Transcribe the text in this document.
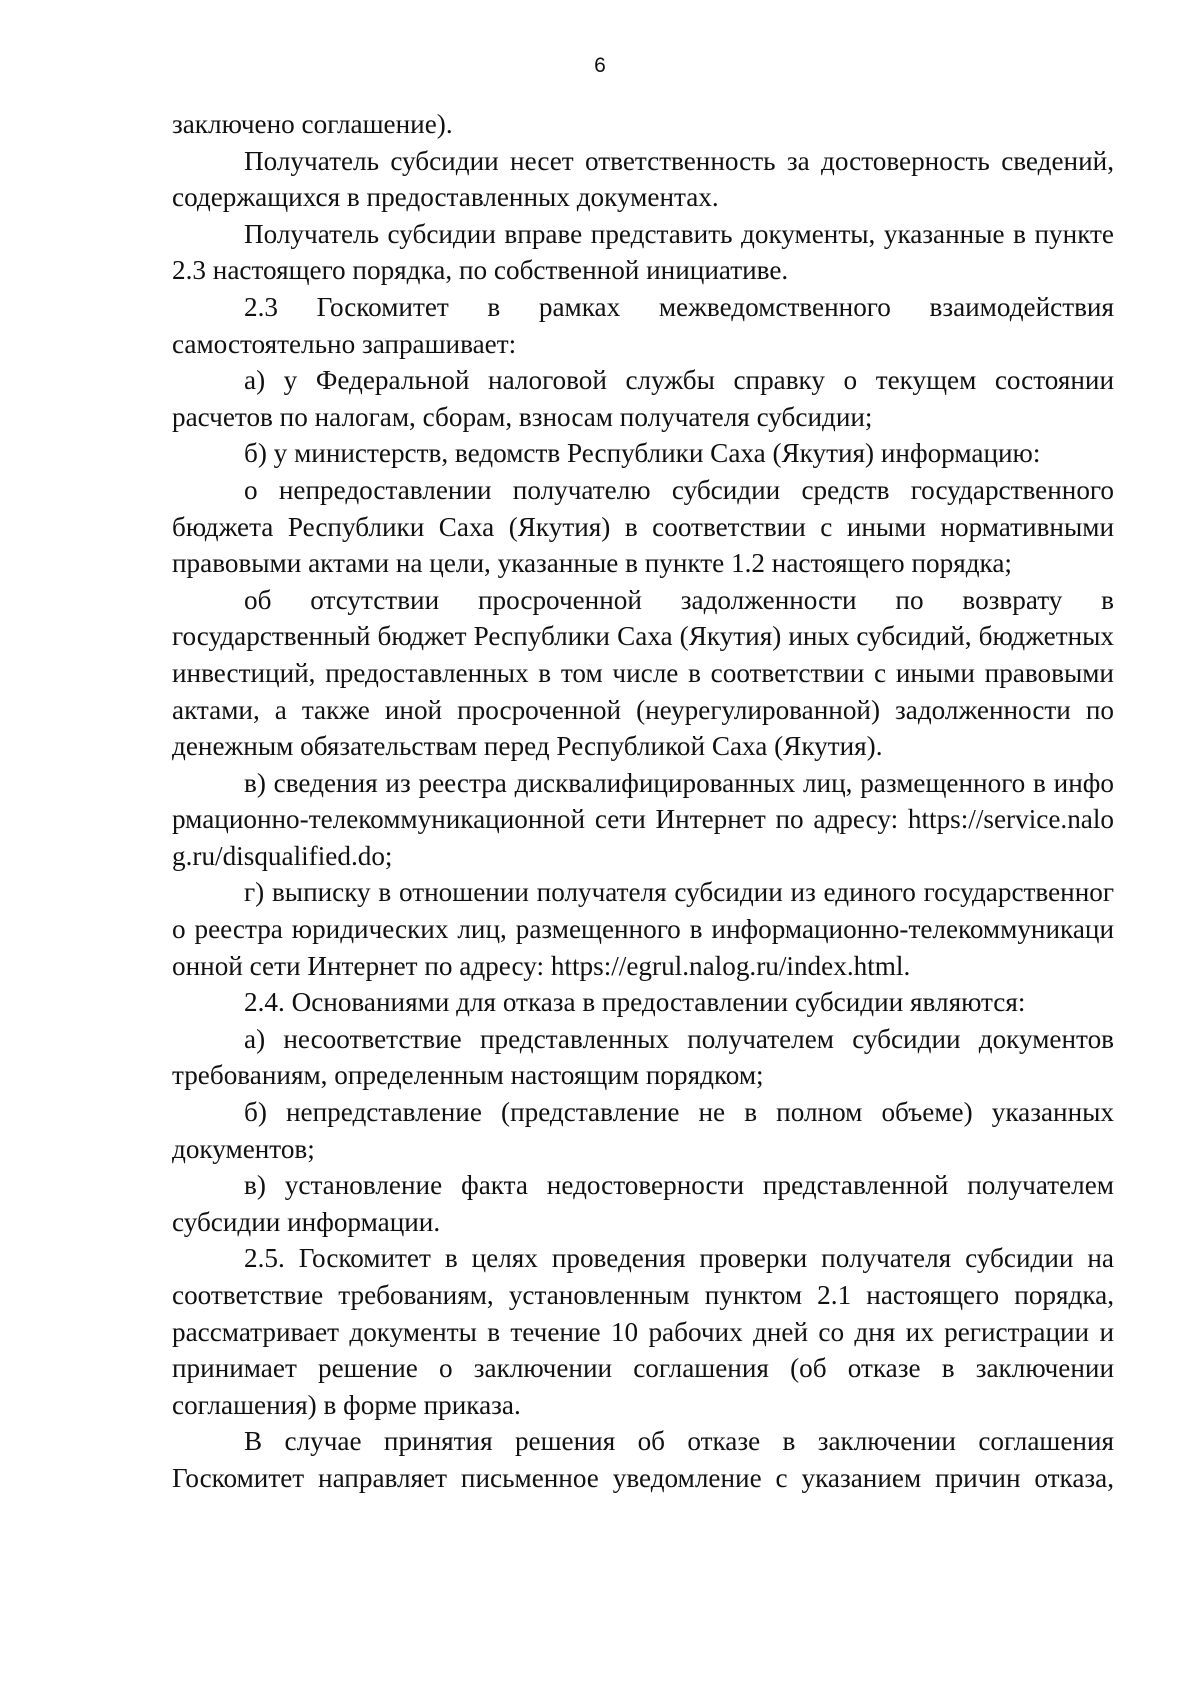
6

заключено соглашение).

Получатель субсидии несет ответственность за достоверность сведений, содержащихся в предоставленных документах.

Получатель субсидии вправе представить документы, указанные в пункте 2.3 настоящего порядка, по собственной инициативе.

2.3 Госкомитет в рамках межведомственного взаимодействия самостоятельно запрашивает:

а) у Федеральной налоговой службы справку о текущем состоянии расчетов по налогам, сборам, взносам получателя субсидии;

б) у министерств, ведомств Республики Саха (Якутия) информацию:

о непредоставлении получателю субсидии средств государственного бюджета Республики Саха (Якутия) в соответствии с иными нормативными правовыми актами на цели, указанные в пункте 1.2 настоящего порядка;

об отсутствии просроченной задолженности по возврату в государственный бюджет Республики Саха (Якутия) иных субсидий, бюджетных инвестиций, предоставленных в том числе в соответствии с иными правовыми актами, а также иной просроченной (неурегулированной) задолженности по денежным обязательствам перед Республикой Саха (Якутия).

в) сведения из реестра дисквалифицированных лиц, размещенного в информационно-телекоммуникационной сети Интернет по адресу: https://service.nalog.ru/disqualified.do;

г) выписку в отношении получателя субсидии из единого государственного реестра юридических лиц, размещенного в информационно-телекоммуникационной сети Интернет по адресу: https://egrul.nalog.ru/index.html.

2.4. Основаниями для отказа в предоставлении субсидии являются:

а) несоответствие представленных получателем субсидии документов требованиям, определенным настоящим порядком;

б) непредставление (представление не в полном объеме) указанных документов;

в) установление факта недостоверности представленной получателем субсидии информации.

2.5. Госкомитет в целях проведения проверки получателя субсидии на соответствие требованиям, установленным пунктом 2.1 настоящего порядка, рассматривает документы в течение 10 рабочих дней со дня их регистрации и принимает решение о заключении соглашения (об отказе в заключении соглашения) в форме приказа.

В случае принятия решения об отказе в заключении соглашения Госкомитет направляет письменное уведомление с указанием причин отказа,
